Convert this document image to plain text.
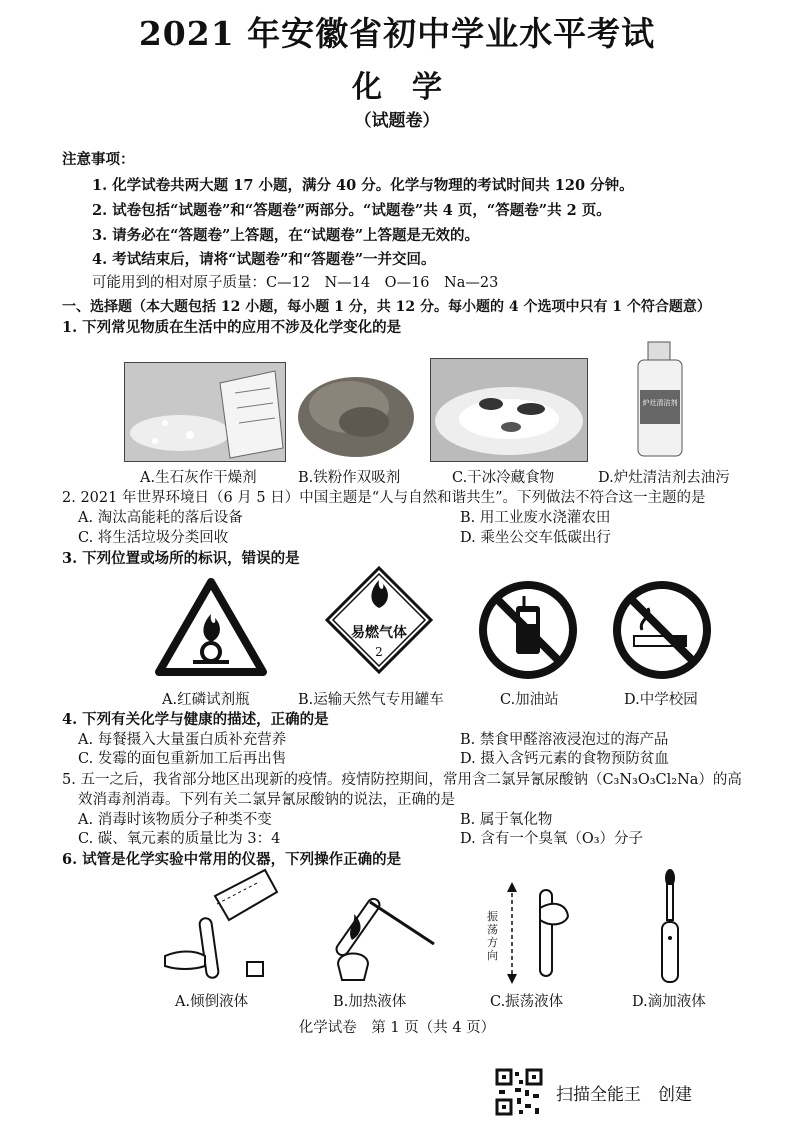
2021 年安徽省初中学业水平考试
化学
（试题卷）
注意事项：
1. 化学试卷共两大题 17 小题，满分 40 分。化学与物理的考试时间共 120 分钟。
2. 试卷包括“试题卷”和“答题卷”两部分。“试题卷”共 4 页，“答题卷”共 2 页。
3. 请务必在“答题卷”上答题，在“试题卷”上答题是无效的。
4. 考试结束后，请将“试题卷”和“答题卷”一并交回。
可能用到的相对原子质量：C—12　N—14　O—16　Na—23
一、选择题（本大题包括 12 小题，每小题 1 分，共 12 分。每小题的 4 个选项中只有 1 个符合题意）
1. 下列常见物质在生活中的应用不涉及化学变化的是
炉灶清洁剂
A.生石灰作干燥剂	B.铁粉作双吸剂	C.干冰冷藏食物	D.炉灶清洁剂去油污
2. 2021 年世界环境日（6 月 5 日）中国主题是“人与自然和谐共生”。下列做法不符合这一主题的是
A. 淘汰高能耗的落后设备	B. 用工业废水浇灌农田
C. 将生活垃圾分类回收	D. 乘坐公交车低碳出行
3. 下列位置或场所的标识，错误的是
易燃气体
2
A.红磷试剂瓶	B.运输天然气专用罐车	C.加油站	D.中学校园
4. 下列有关化学与健康的描述，正确的是
A. 每餐摄入大量蛋白质补充营养	B. 禁食甲醛溶液浸泡过的海产品
C. 发霉的面包重新加工后再出售	D. 摄入含钙元素的食物预防贫血
5. 五一之后，我省部分地区出现新的疫情。疫情防控期间，常用含二氯异氰尿酸钠（C₃N₃O₃Cl₂Na）的高
效消毒剂消毒。下列有关二氯异氰尿酸钠的说法，正确的是
A. 消毒时该物质分子种类不变	B. 属于氧化物
C. 碳、氧元素的质量比为 3：4	D. 含有一个臭氧（O₃）分子
6. 试管是化学实验中常用的仪器，下列操作正确的是
振荡方向
A.倾倒液体	B.加热液体	C.振荡液体	D.滴加液体
化学试卷　第 1 页（共 4 页）
扫描全能王　创建
